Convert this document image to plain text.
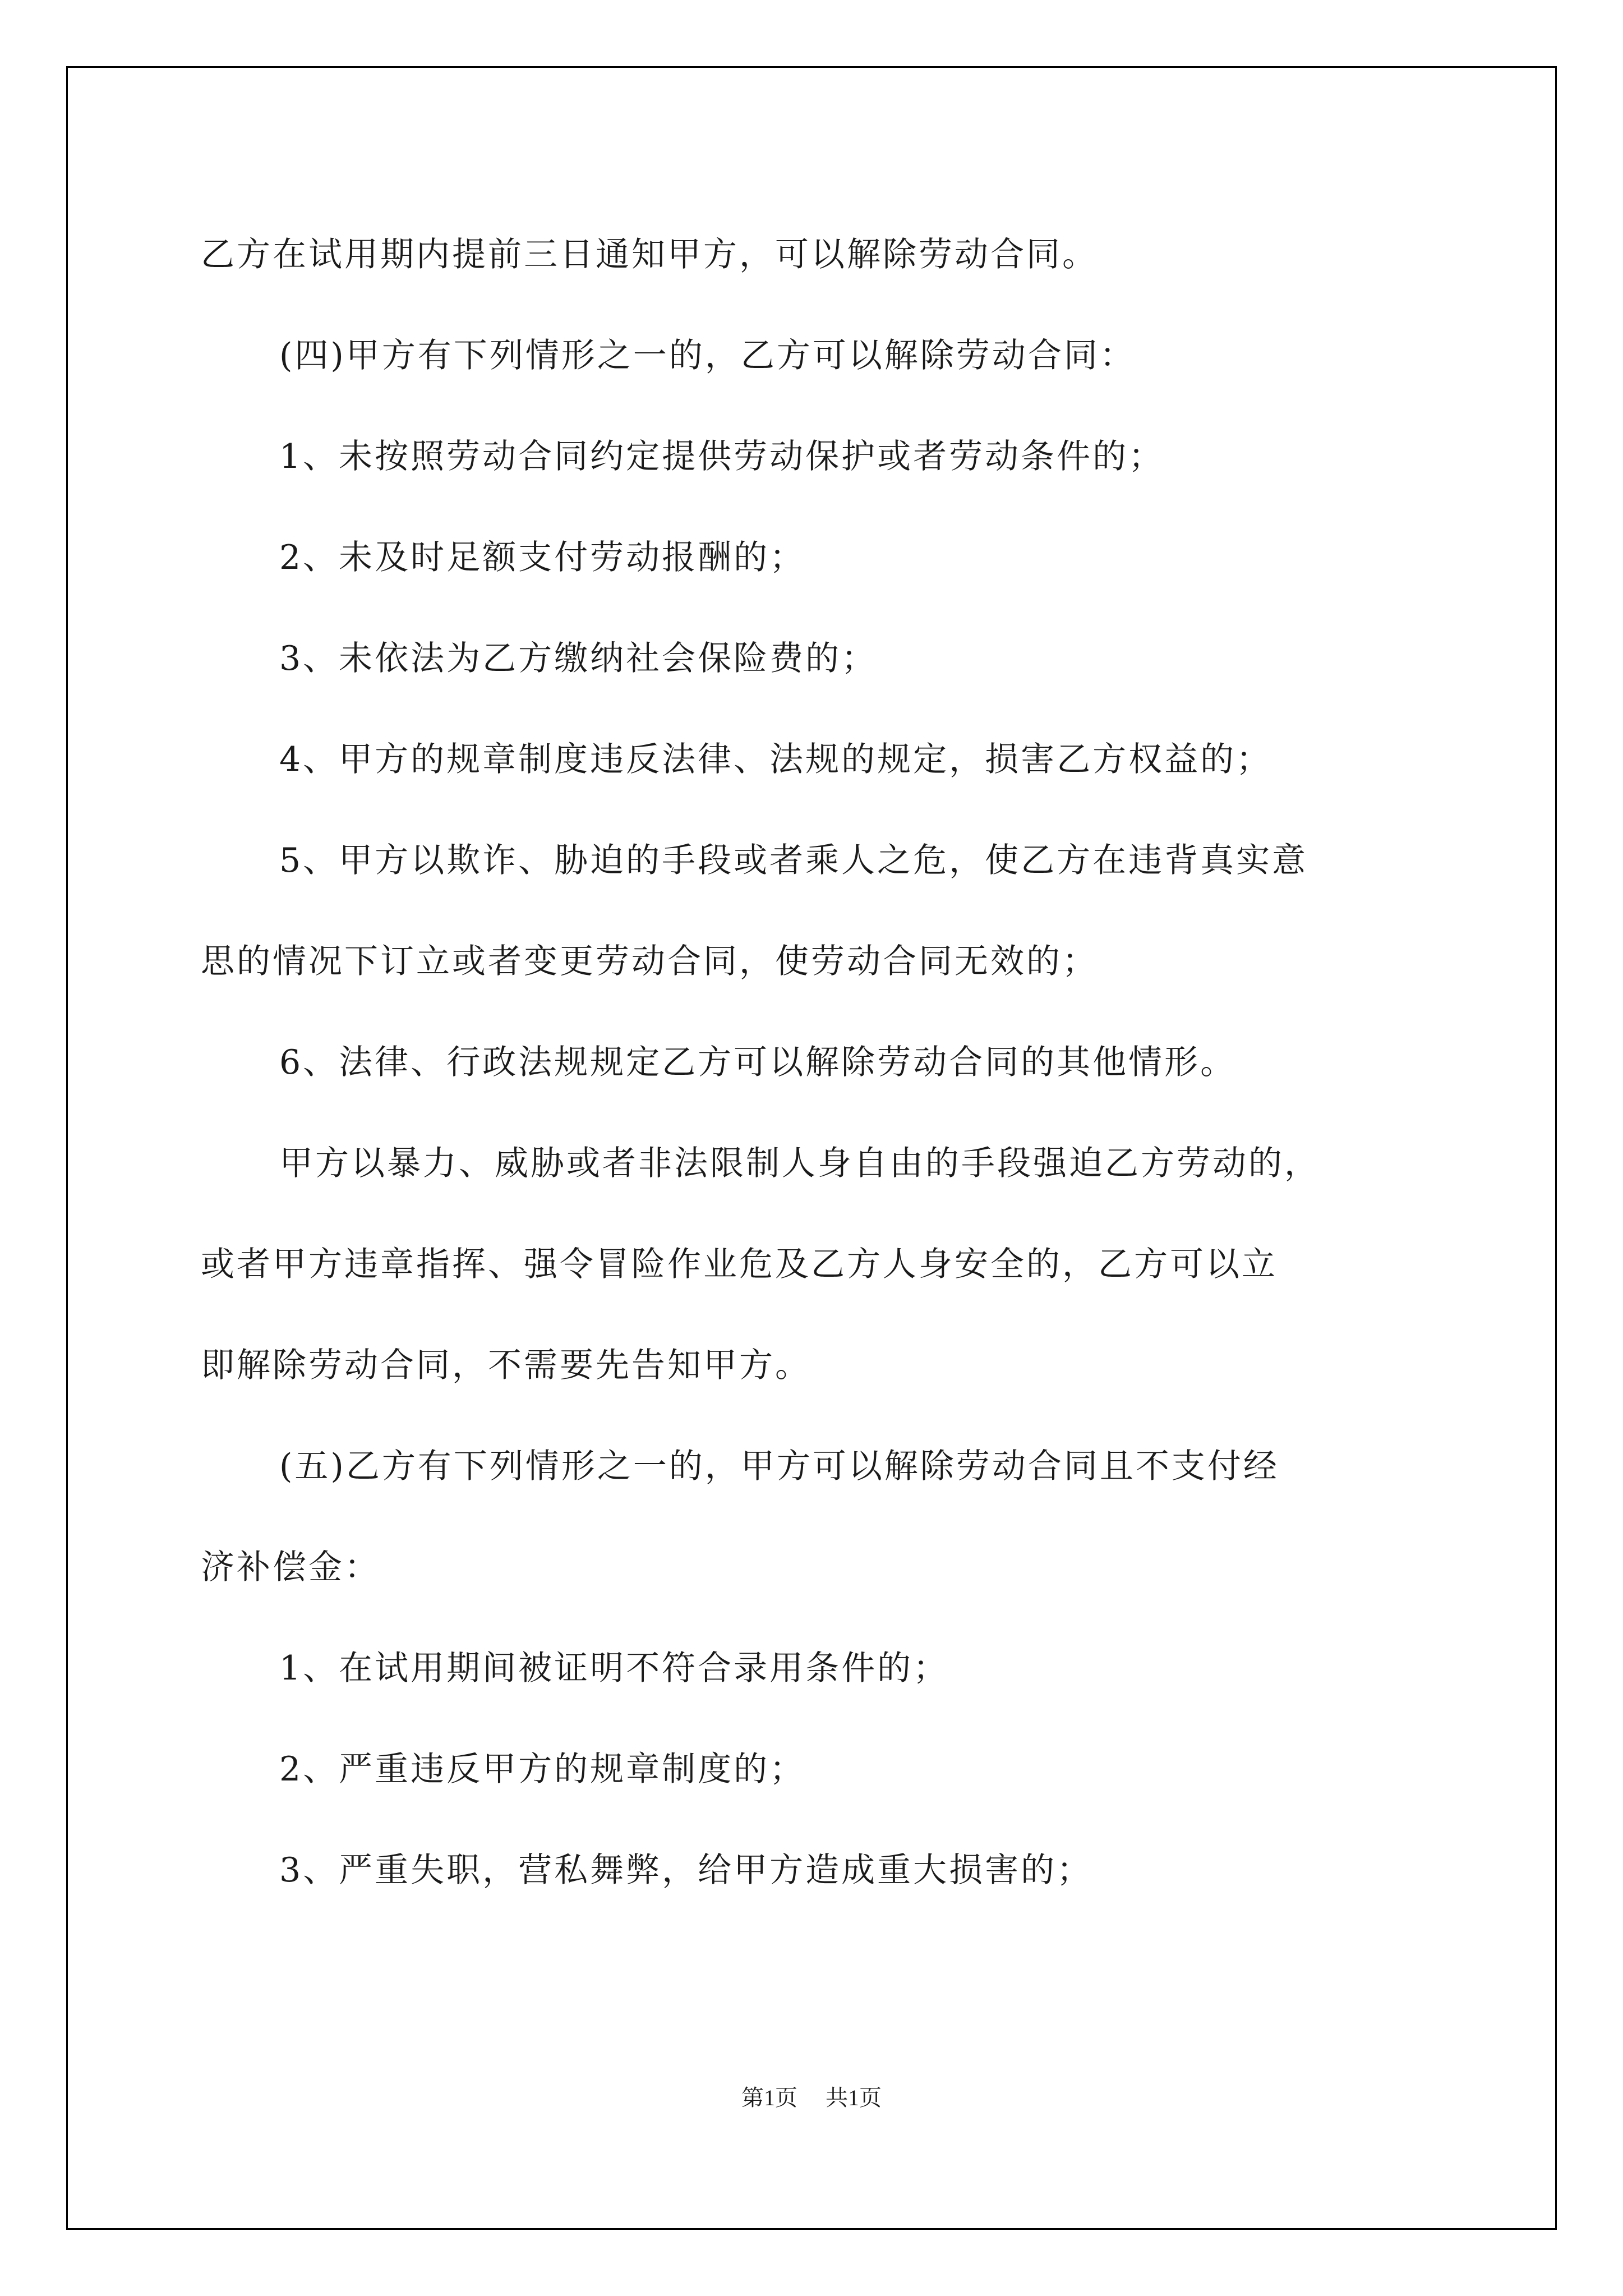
乙方在试用期内提前三日通知甲方，可以解除劳动合同。
(四)甲方有下列情形之一的，乙方可以解除劳动合同：
1、未按照劳动合同约定提供劳动保护或者劳动条件的；
2、未及时足额支付劳动报酬的；
3、未依法为乙方缴纳社会保险费的；
4、甲方的规章制度违反法律、法规的规定，损害乙方权益的；
5、甲方以欺诈、胁迫的手段或者乘人之危，使乙方在违背真实意
思的情况下订立或者变更劳动合同，使劳动合同无效的；
6、法律、行政法规规定乙方可以解除劳动合同的其他情形。
甲方以暴力、威胁或者非法限制人身自由的手段强迫乙方劳动的，
或者甲方违章指挥、强令冒险作业危及乙方人身安全的，乙方可以立
即解除劳动合同，不需要先告知甲方。
(五)乙方有下列情形之一的，甲方可以解除劳动合同且不支付经
济补偿金：
1、在试用期间被证明不符合录用条件的；
2、严重违反甲方的规章制度的；
3、严重失职，营私舞弊，给甲方造成重大损害的；
第1页 共1页
